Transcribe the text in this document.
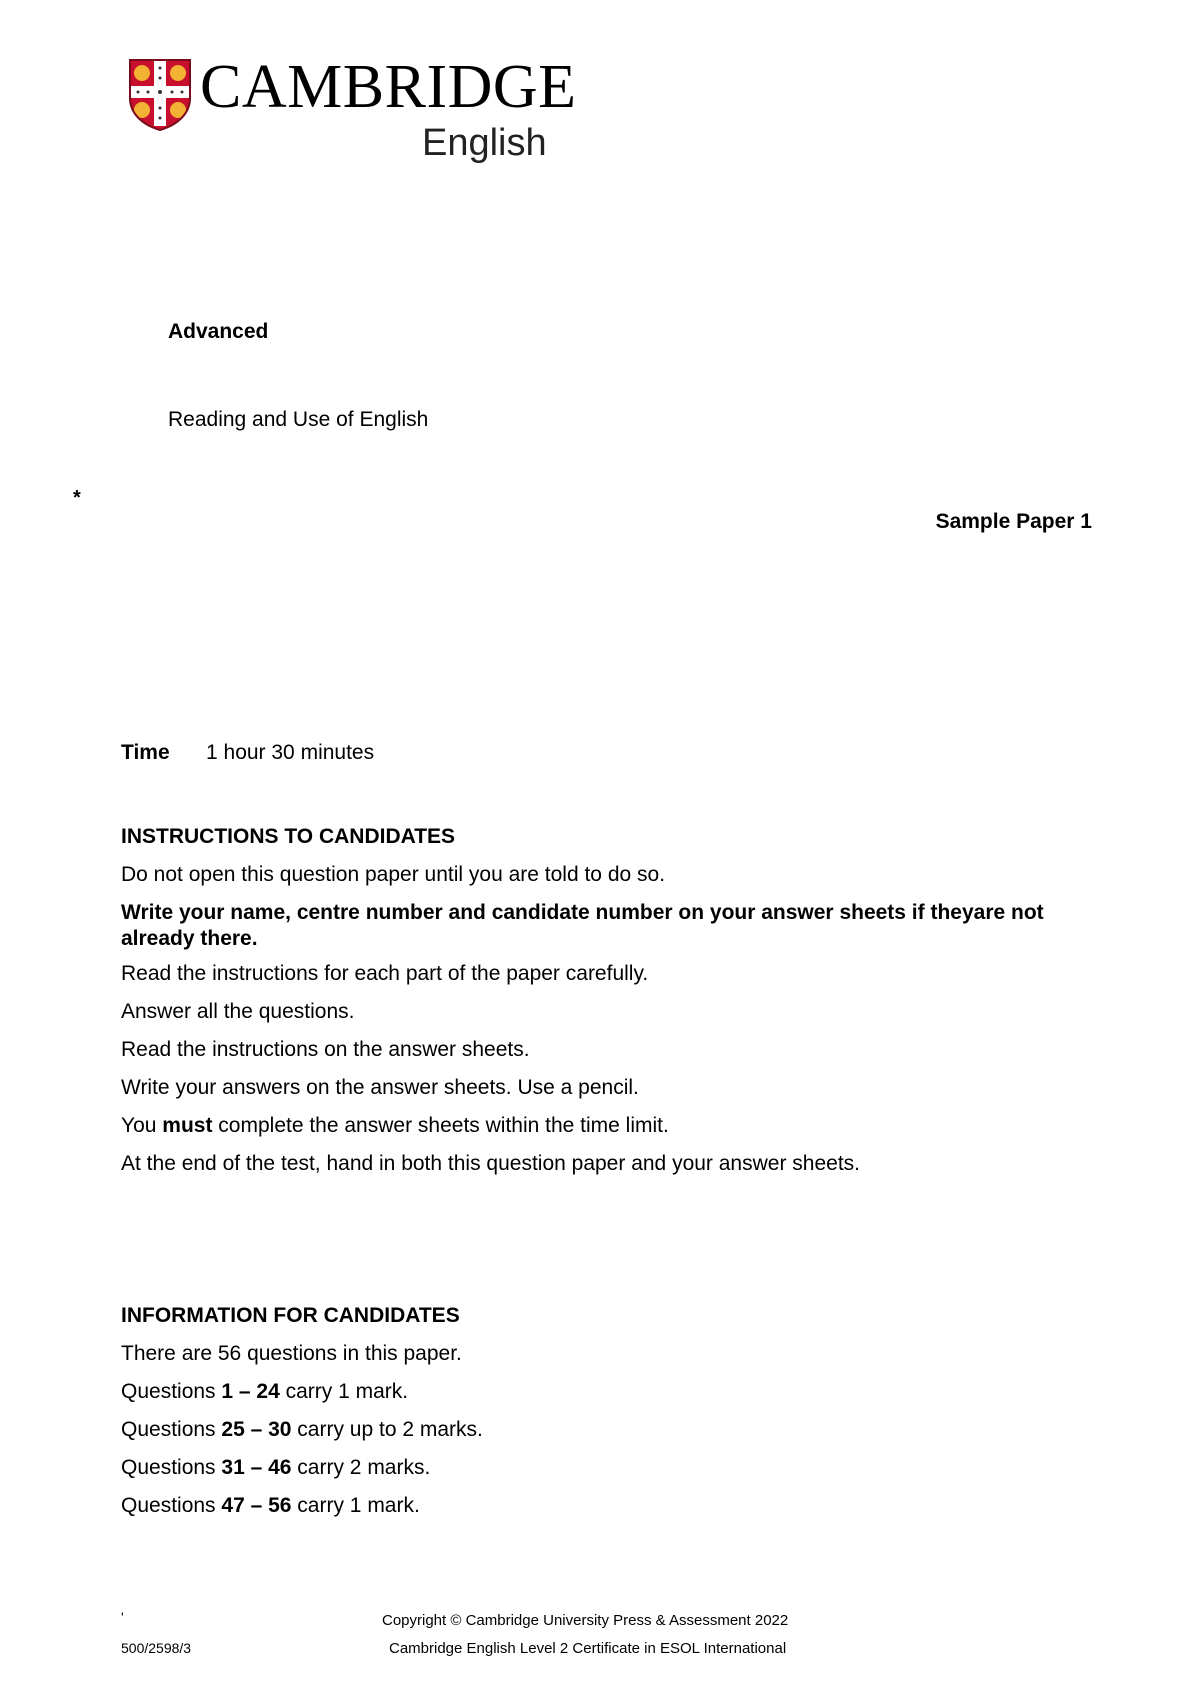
CAMBRIDGE
English
Advanced
Reading and Use of English
*
Sample Paper 1
Time 1 hour 30 minutes
INSTRUCTIONS TO CANDIDATES
Do not open this question paper until you are told to do so.
Write your name, centre number and candidate number on your answer sheets if theyare not already there.
Read the instructions for each part of the paper carefully.
Answer all the questions.
Read the instructions on the answer sheets.
Write your answers on the answer sheets. Use a pencil.
You must complete the answer sheets within the time limit.
At the end of the test, hand in both this question paper and your answer sheets.
INFORMATION FOR CANDIDATES
There are 56 questions in this paper.
Questions 1 – 24 carry 1 mark.
Questions 25 – 30 carry up to 2 marks.
Questions 31 – 46 carry 2 marks.
Questions 47 – 56 carry 1 mark.
'
500/2598/3
Copyright © Cambridge University Press & Assessment 2022
Cambridge English Level 2 Certificate in ESOL International
